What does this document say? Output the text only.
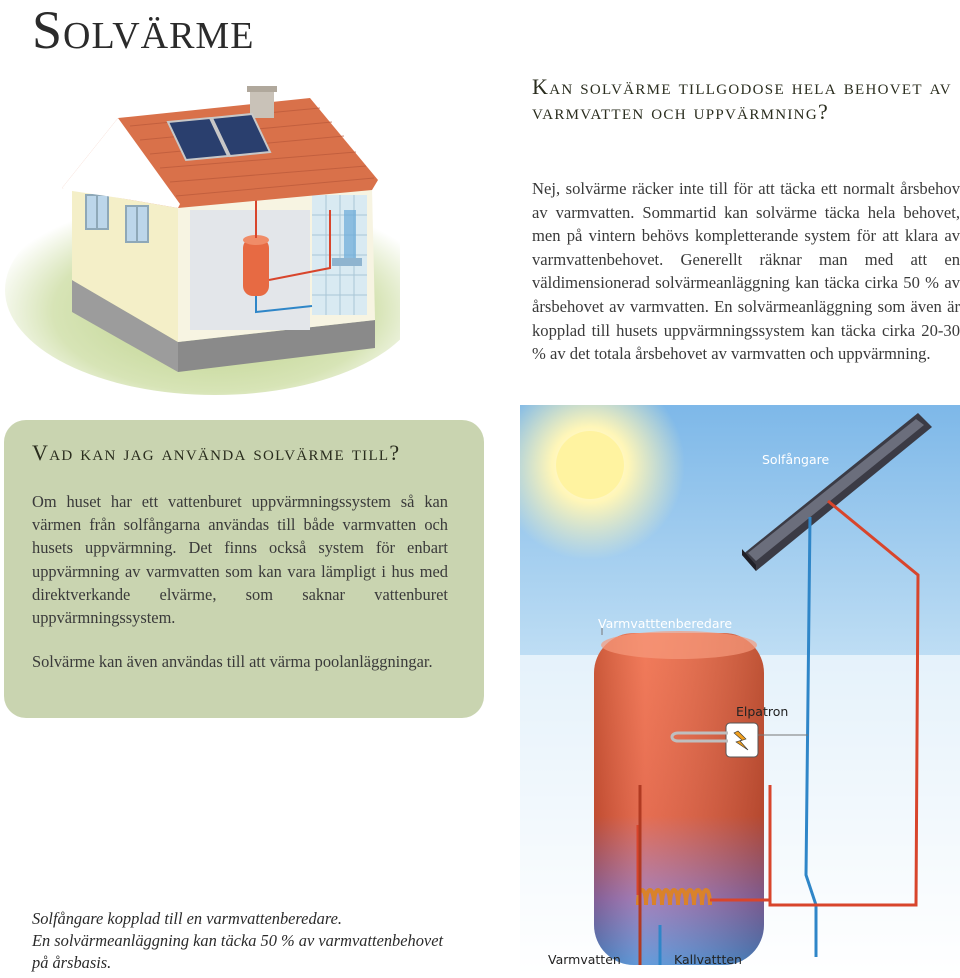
Solvärme
Kan solvärme tillgodose hela behovet av varmvatten och uppvärmning?
Nej, solvärme räcker inte till för att täcka ett normalt årsbehov av varmvatten. Sommartid kan solvärme täcka hela behovet, men på vintern behövs kompletterande system för att klara av varmvattenbehovet. Generellt räknar man med att en väldimensionerad solvärmeanläggning kan täcka cirka 50 % av årsbehovet av varmvatten. En solvärmeanläggning som även är kopplad till husets uppvärmningssystem kan täcka cirka 20-30 % av det totala årsbehovet av varmvatten och uppvärmning.
Vad kan jag använda solvärme till?
Om huset har ett vattenburet uppvärmningssystem så kan värmen från solfångarna användas till både varmvatten och husets uppvärmning. Det finns också system för enbart uppvärmning av varmvatten som kan vara lämpligt i hus med direktverkande elvärme, som saknar vattenburet uppvärmningssystem.
Solvärme kan även användas till att värma poolanläggningar.
Solfångare
Varmvatttenberedare
Elpatron
Varmvatten	Kallvattten
Solfångare kopplad till en varmvattenberedare.
En solvärmeanläggning kan täcka 50 % av varmvattenbehovet på årsbasis.
